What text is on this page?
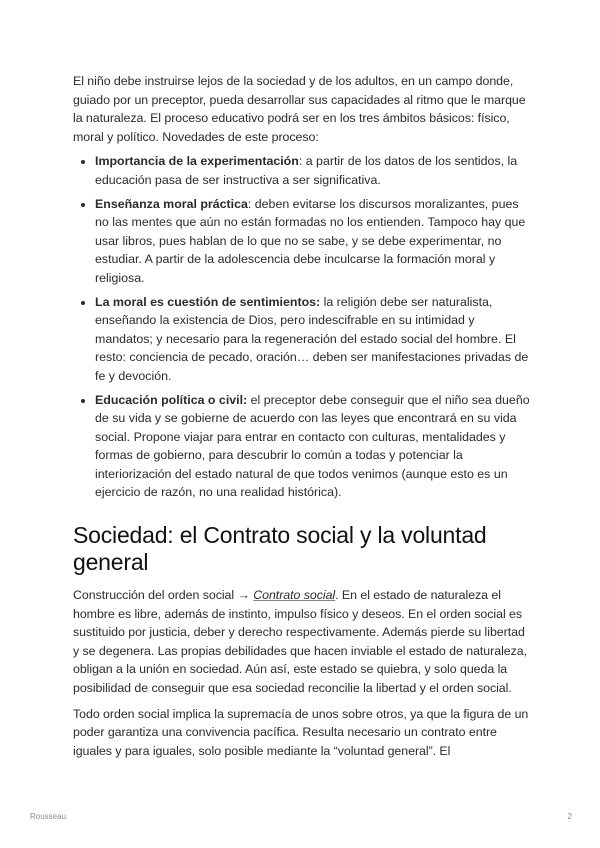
El niño debe instruirse lejos de la sociedad y de los adultos, en un campo donde, guiado por un preceptor, pueda desarrollar sus capacidades al ritmo que le marque la naturaleza. El proceso educativo podrá ser en los tres ámbitos básicos: físico, moral y político. Novedades de este proceso:

• Importancia de la experimentación: a partir de los datos de los sentidos, la educación pasa de ser instructiva a ser significativa.
• Enseñanza moral práctica: deben evitarse los discursos moralizantes, pues no las mentes que aún no están formadas no los entienden. Tampoco hay que usar libros, pues hablan de lo que no se sabe, y se debe experimentar, no estudiar. A partir de la adolescencia debe inculcarse la formación moral y religiosa.
• La moral es cuestión de sentimientos: la religión debe ser naturalista, enseñando la existencia de Dios, pero indescifrable en su intimidad y mandatos; y necesario para la regeneración del estado social del hombre. El resto: conciencia de pecado, oración… deben ser manifestaciones privadas de fe y devoción.
• Educación política o civil: el preceptor debe conseguir que el niño sea dueño de su vida y se gobierne de acuerdo con las leyes que encontrará en su vida social. Propone viajar para entrar en contacto con culturas, mentalidades y formas de gobierno, para descubrir lo común a todas y potenciar la interiorización del estado natural de que todos venimos (aunque esto es un ejercicio de razón, no una realidad histórica).
Sociedad: el Contrato social y la voluntad general

Construcción del orden social → Contrato social. En el estado de naturaleza el hombre es libre, además de instinto, impulso físico y deseos. En el orden social es sustituido por justicia, deber y derecho respectivamente. Además pierde su libertad y se degenera. Las propias debilidades que hacen inviable el estado de naturaleza, obligan a la unión en sociedad. Aún así, este estado se quiebra, y solo queda la posibilidad de conseguir que esa sociedad reconcilie la libertad y el orden social.

Todo orden social implica la supremacía de unos sobre otros, ya que la figura de un poder garantiza una convivencia pacífica. Resulta necesario un contrato entre iguales y para iguales, solo posible mediante la “voluntad general”. El

Rousseau	2
